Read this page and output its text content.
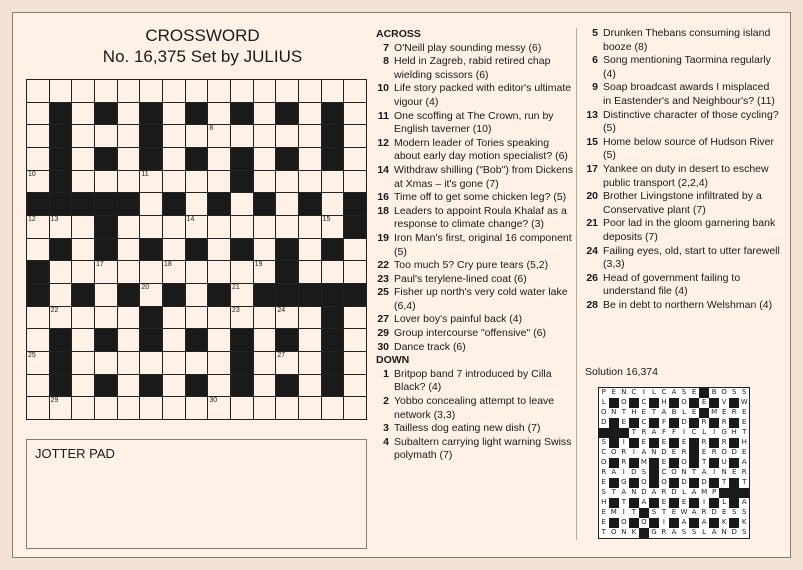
CROSSWORD
No. 16,375 Set by JULIUS
8
10	11
12 13	14	15
17	18	19
20	21
22	23	24
25	27
29	30
JOTTER PAD
ACROSS
7 O'Neill play sounding messy (6)
8 Held in Zagreb, rabid retired chap wielding scissors (6)
10 Life story packed with editor's ultimate vigour (4)
11 One scoffing at The Crown, run by English taverner (10)
12 Modern leader of Tories speaking about early day motion specialist? (6)
14 Withdraw shilling ("Bob") from Dickens at Xmas – it's gone (7)
16 Time off to get some chicken leg? (5)
18 Leaders to appoint Roula Khalaf as a response to climate change? (3)
19 Iron Man's first, original 16 component (5)
22 Too much 5? Cry pure tears (5,2)
23 Paul's terylene-lined coat (6)
25 Fisher up north's very cold water lake (6,4)
27 Lover boy's painful back (4)
29 Group intercourse "offensive" (6)
30 Dance track (6)
DOWN
1 Britpop band 7 introduced by Cilla Black? (4)
2 Yobbo concealing attempt to leave network (3,3)
3 Tailless dog eating new dish (7)
4 Subaltern carrying light warning Swiss polymath (7)
5 Drunken Thebans consuming island booze (8)
6 Song mentioning Taormina regularly (4)
9 Soap broadcast awards I misplaced in Eastender's and Neighbour's? (11)
13 Distinctive character of those cycling? (5)
15 Home below source of Hudson River (5)
17 Yankee on duty in desert to eschew public transport (2,2,4)
20 Brother Livingstone infiltrated by a Conservative plant (7)
21 Poor lad in the gloom garnering bank deposits (7)
24 Failing eyes, old, start to utter farewell (3,3)
26 Head of government failing to understand file (4)
28 Be in debt to northern Welshman (4)
Solution 16,374
P E N C I	L C A S E	B O S S
L	O	C	H	O	E	V	W
O N T H E T A B L E	M E R E
D	E	C	F	D	R	R	E
T R A F F I C L	I G H T
S	I	E	E	E	R	R	H
C O R I A N D E R	E R O D E
O	R	M	E	O	T	U	A
R A I D S	C O N T A I N E R
E	G O O D D	T	T
S T A N D A R D L A M P
H	T	A	E	E	I	L	A
E M I T	S T E W A R D E S S
E	O O	I	A	A	K	K
T O N K	G R A S S L A N D S
